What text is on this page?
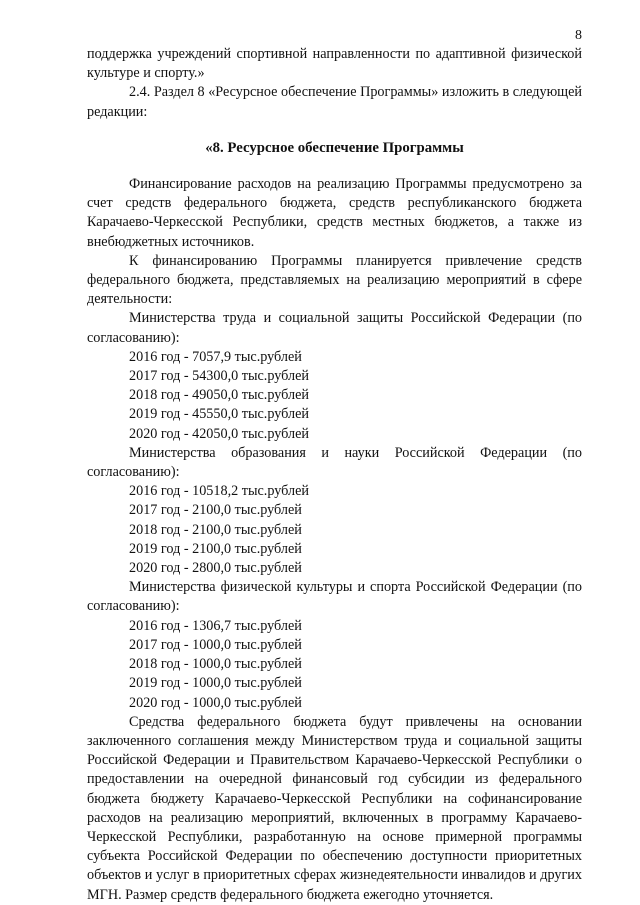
8

поддержка учреждений спортивной направленности по адаптивной физической культуре и спорту.»

2.4. Раздел 8 «Ресурсное обеспечение Программы» изложить в следующей редакции:

«8. Ресурсное обеспечение Программы

Финансирование расходов на реализацию Программы предусмотрено за счет средств федерального бюджета, средств республиканского бюджета Карачаево-Черкесской Республики, средств местных бюджетов, а также из внебюджетных источников.

К финансированию Программы планируется привлечение средств федерального бюджета, представляемых на реализацию мероприятий в сфере деятельности:

Министерства труда и социальной защиты Российской Федерации (по согласованию):

2016 год - 7057,9 тыс.рублей

2017 год - 54300,0 тыс.рублей

2018 год - 49050,0 тыс.рублей

2019 год - 45550,0 тыс.рублей

2020 год - 42050,0 тыс.рублей

Министерства образования и науки Российской Федерации (по согласованию):

2016 год - 10518,2 тыс.рублей

2017 год - 2100,0 тыс.рублей

2018 год - 2100,0 тыс.рублей

2019 год - 2100,0 тыс.рублей

2020 год - 2800,0 тыс.рублей

Министерства физической культуры и спорта Российской Федерации (по согласованию):

2016 год - 1306,7 тыс.рублей

2017 год - 1000,0 тыс.рублей

2018 год - 1000,0 тыс.рублей

2019 год - 1000,0 тыс.рублей

2020 год - 1000,0 тыс.рублей

Средства федерального бюджета будут привлечены на основании заключенного соглашения между Министерством труда и социальной защиты Российской Федерации и Правительством Карачаево-Черкесской Республики о предоставлении на очередной финансовый год субсидии из федерального бюджета бюджету Карачаево-Черкесской Республики на софинансирование расходов на реализацию мероприятий, включенных в программу Карачаево-Черкесской Республики, разработанную на основе примерной программы субъекта Российской Федерации по обеспечению доступности приоритетных объектов и услуг в приоритетных сферах жизнедеятельности инвалидов и других МГН. Размер средств федерального бюджета ежегодно уточняется.
